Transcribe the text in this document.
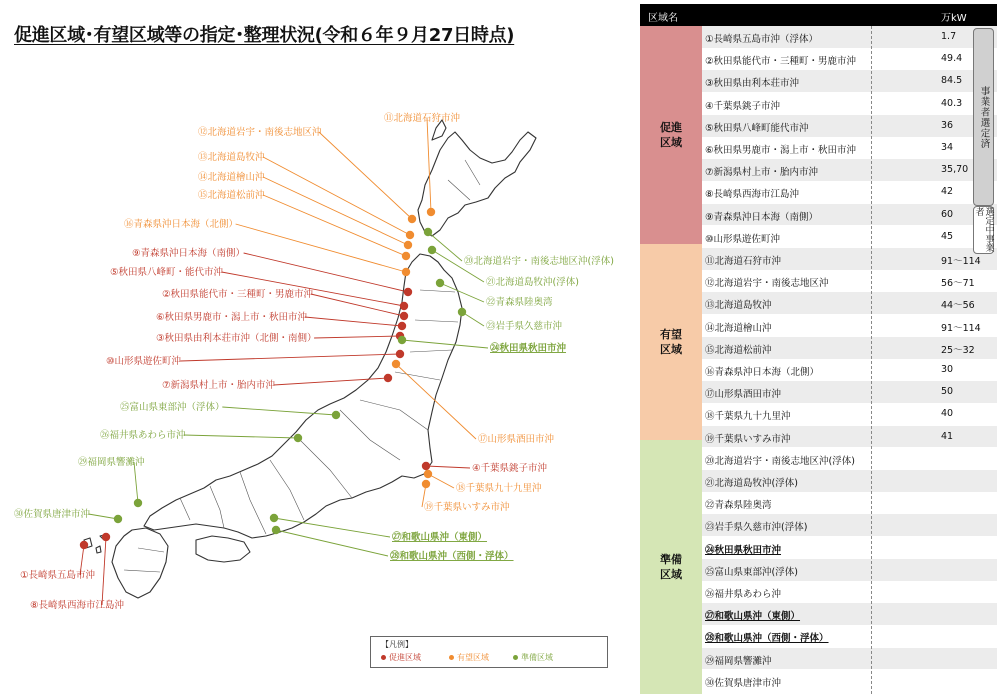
促進区域･有望区域等の指定･整理状況(令和６年９月27日時点)
⑪北海道石狩市沖
⑫北海道岩宇・南後志地区沖
⑬北海道島牧沖
⑭北海道檜山沖
⑮北海道松前沖
⑯青森県沖日本海（北側）
⑨青森県沖日本海（南側）
⑤秋田県八峰町・能代市沖
②秋田県能代市・三種町・男鹿市沖
⑥秋田県男鹿市・潟上市・秋田市沖
③秋田県由利本荘市沖（北側・南側）
⑩山形県遊佐町沖
⑦新潟県村上市・胎内市沖
㉕富山県東部沖（浮体）
㉖福井県あわら市沖
㉙福岡県響灘沖
㉚佐賀県唐津市沖
①長崎県五島市沖
⑧長崎県西海市江島沖
⑳北海道岩宇・南後志地区沖(浮体)
㉑北海道島牧沖(浮体)
㉒青森県陸奥湾
㉓岩手県久慈市沖
㉔秋田県秋田市沖
⑰山形県酒田市沖
④千葉県銚子市沖
⑱千葉県九十九里沖
⑲千葉県いすみ市沖
㉗和歌山県沖（東側）
㉘和歌山県沖（西側・浮体）
【凡例】
促進区域	有望区域	準備区域
区域名	万kW
促進
区域
有望
区域
準備
区域
①長崎県五島市沖（浮体）	1.7
②秋田県能代市・三種町・男鹿市沖	49.4
③秋田県由利本荘市沖	84.5
④千葉県銚子市沖	40.3
⑤秋田県八峰町能代市沖	36
⑥秋田県男鹿市・潟上市・秋田市沖	34
⑦新潟県村上市・胎内市沖	35,70
⑧長崎県西海市江島沖	42
⑨青森県沖日本海（南側）	60
⑩山形県遊佐町沖	45
⑪北海道石狩市沖	91～114
⑫北海道岩宇・南後志地区沖	56～71
⑬北海道島牧沖	44～56
⑭北海道檜山沖	91～114
⑮北海道松前沖	25～32
⑯青森県沖日本海（北側）	30
⑰山形県酒田市沖	50
⑱千葉県九十九里沖	40
⑲千葉県いすみ市沖	41
⑳北海道岩宇・南後志地区沖(浮体)
㉑北海道島牧沖(浮体)
㉒青森県陸奥湾
㉓岩手県久慈市沖(浮体)
㉔秋田県秋田市沖
㉕富山県東部沖(浮体)
㉖福井県あわら沖
㉗和歌山県沖（東側）
㉘和歌山県沖（西側・浮体）
㉙福岡県響灘沖
㉚佐賀県唐津市沖
事業者選定済
選定中事業者
